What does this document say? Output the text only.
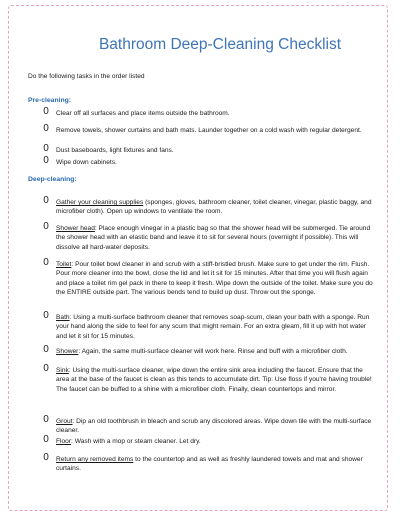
Bathroom Deep-Cleaning Checklist
Do the following tasks in the order listed
Pre-cleaning:
0 Clear off all surfaces and place items outside the bathroom.
0 Remove towels, shower curtains and bath mats. Launder together on a cold wash with regular detergent.
0 Dust baseboards, light fixtures and fans.
0 Wipe down cabinets.
Deep-cleaning:
0 Gather your cleaning supplies (sponges, gloves, bathroom cleaner, toilet cleaner, vinegar, plastic baggy, and microfiber cloth). Open up windows to ventilate the room.
0 Shower head: Place enough vinegar in a plastic bag so that the shower head will be submerged. Tie around the shower head with an elastic band and leave it to sit for several hours (overnight if possible). This will dissolve all hard-water deposits.
0 Toilet: Pour toilet bowl cleaner in and scrub with a stiff-bristled brush. Make sure to get under the rim. Flush. Pour more cleaner into the bowl, close the lid and let it sit for 15 minutes. After that time you will flush again and place a toilet rim gel pack in there to keep it fresh. Wipe down the outside of the toilet. Make sure you do the ENTIRE outside part. The various bends tend to build up dust. Throw out the sponge.
0 Bath: Using a multi-surface bathroom cleaner that removes soap-scum, clean your bath with a sponge. Run your hand along the side to feel for any scum that might remain. For an extra gleam, fill it up with hot water and let it sit for 15 minutes.
0 Shower: Again, the same multi-surface cleaner will work here. Rinse and buff with a microfiber cloth.
0 Sink: Using the multi-surface cleaner, wipe down the entire sink area including the faucet. Ensure that the area at the base of the faucet is clean as this tends to accumulate dirt. Tip: Use floss if you're having trouble! The faucet can be buffed to a shine with a microfiber cloth. Finally, clean countertops and mirror.
0 Grout: Dip an old toothbrush in bleach and scrub any discolored areas. Wipe down tile with the multi-surface cleaner.
0 Floor: Wash with a mop or steam cleaner. Let dry.
0 Return any removed items to the countertop and as well as freshly laundered towels and mat and shower curtains.
